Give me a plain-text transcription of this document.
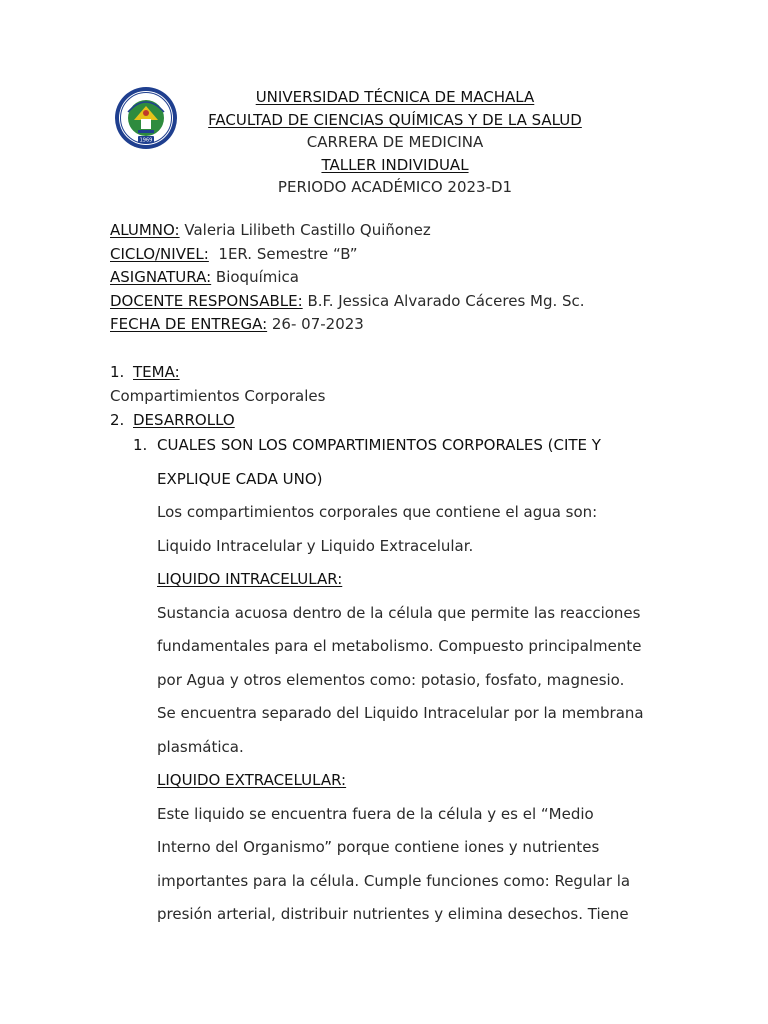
1969
UNIVERSIDAD TÉCNICA DE MACHALA
FACULTAD DE CIENCIAS QUÍMICAS Y DE LA SALUD
CARRERA DE MEDICINA
TALLER INDIVIDUAL
PERIODO ACADÉMICO 2023-D1
ALUMNO: Valeria Lilibeth Castillo Quiñonez
CICLO/NIVEL:  1ER. Semestre “B”
ASIGNATURA: Bioquímica
DOCENTE RESPONSABLE: B.F. Jessica Alvarado Cáceres Mg. Sc.
FECHA DE ENTREGA: 26- 07-2023
1. TEMA:
Compartimientos Corporales
2. DESARROLLO
1. CUALES SON LOS COMPARTIMIENTOS CORPORALES (CITE Y
EXPLIQUE CADA UNO)
Los compartimientos corporales que contiene el agua son:
Liquido Intracelular y Liquido Extracelular.
LIQUIDO INTRACELULAR:
Sustancia acuosa dentro de la célula que permite las reacciones
fundamentales para el metabolismo. Compuesto principalmente
por Agua y otros elementos como: potasio, fosfato, magnesio.
Se encuentra separado del Liquido Intracelular por la membrana
plasmática.
LIQUIDO EXTRACELULAR:
Este liquido se encuentra fuera de la célula y es el “Medio
Interno del Organismo” porque contiene iones y nutrientes
importantes para la célula. Cumple funciones como: Regular la
presión arterial, distribuir nutrientes y elimina desechos. Tiene
